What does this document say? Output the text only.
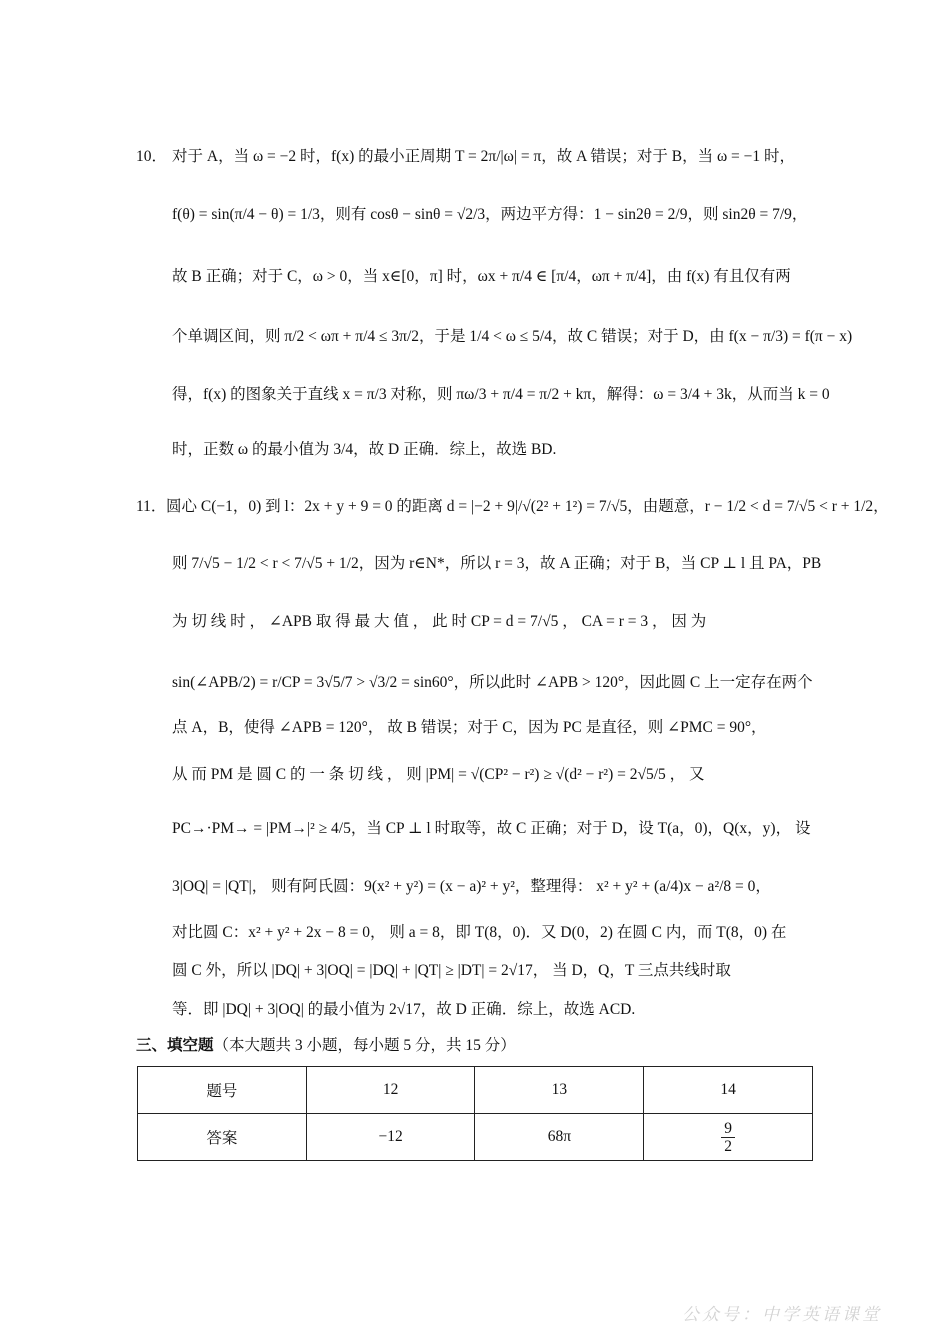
10． 对于 A，当 ω = −2 时，f(x) 的最小正周期 T = 2π/|ω| = π，故 A 错误；对于 B，当 ω = −1 时，
f(θ) = sin(π/4 − θ) = 1/3，则有 cosθ − sinθ = √2/3，两边平方得：1 − sin2θ = 2/9，则 sin2θ = 7/9，
故 B 正确；对于 C，ω > 0，当 x∈[0，π] 时，ωx + π/4 ∈ [π/4，ωπ + π/4]，由 f(x) 有且仅有两
个单调区间，则 π/2 < ωπ + π/4 ≤ 3π/2，于是 1/4 < ω ≤ 5/4，故 C 错误；对于 D，由 f(x − π/3) = f(π − x)
得，f(x) 的图象关于直线 x = π/3 对称，则 πω/3 + π/4 = π/2 + kπ，解得：ω = 3/4 + 3k，从而当 k = 0
时，正数 ω 的最小值为 3/4，故 D 正确．综上，故选 BD.
11． 圆心 C(−1，0) 到 l：2x + y + 9 = 0 的距离 d = |−2 + 9|/√(2² + 1²) = 7/√5，由题意，r − 1/2 < d = 7/√5 < r + 1/2，
则 7/√5 − 1/2 < r < 7/√5 + 1/2，因为 r∈N*，所以 r = 3，故 A 正确；对于 B，当 CP ⊥ l 且 PA，PB
为 切 线 时 ， ∠APB 取 得 最 大 值 ， 此 时 CP = d = 7/√5 ， CA = r = 3 ， 因 为
sin(∠APB/2) = r/CP = 3√5/7 > √3/2 = sin60°，所以此时 ∠APB > 120°，因此圆 C 上一定存在两个
点 A，B，使得 ∠APB = 120°， 故 B 错误；对于 C，因为 PC 是直径，则 ∠PMC = 90°，
从 而 PM 是 圆 C 的 一 条 切 线 ， 则 |PM| = √(CP² − r²) ≥ √(d² − r²) = 2√5/5 ， 又
PC→·PM→ = |PM→|² ≥ 4/5，当 CP ⊥ l 时取等，故 C 正确；对于 D，设 T(a，0)，Q(x，y)， 设
3|OQ| = |QT|， 则有阿氏圆：9(x² + y²) = (x − a)² + y²，整理得： x² + y² + (a/4)x − a²/8 = 0，
对比圆 C：x² + y² + 2x − 8 = 0， 则 a = 8，即 T(8，0)．又 D(0，2) 在圆 C 内，而 T(8，0) 在
圆 C 外，所以 |DQ| + 3|OQ| = |DQ| + |QT| ≥ |DT| = 2√17， 当 D，Q，T 三点共线时取
等．即 |DQ| + 3|OQ| 的最小值为 2√17，故 D 正确．综上，故选 ACD.
三、填空题（本大题共 3 小题，每小题 5 分，共 15 分）
题号	12	13	14
答案	−12	68π	$\frac{9}{2}$
公众号：中学英语课堂
